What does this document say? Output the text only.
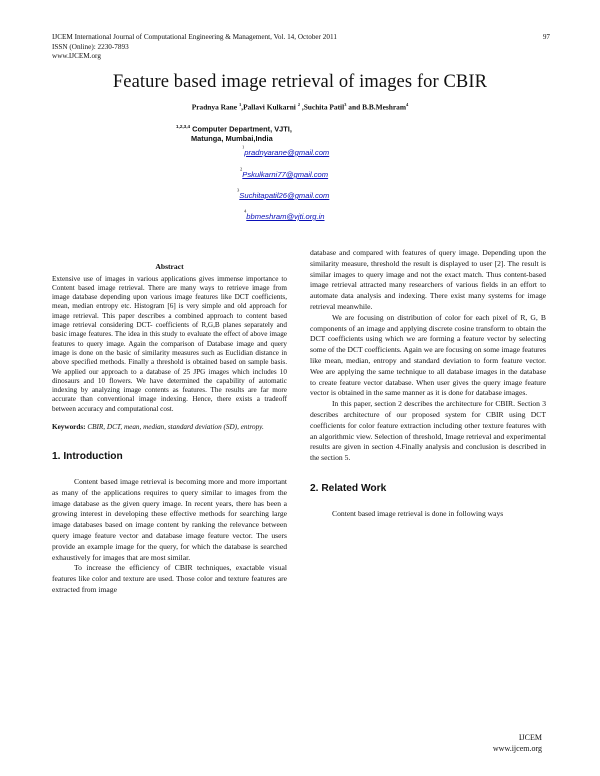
IJCEM International Journal of Computational Engineering & Management, Vol. 14, October 2011
ISSN (Online): 2230-7893
www.IJCEM.org
97
Feature based image retrieval of images for CBIR
Pradnya Rane $^1$,Pallavi Kulkarni $^2$ ,Suchita Patil$^3$ and B.B.Meshram$^4$
$^{1,2,3,4}$ Computer Department, VJTI,
Matunga, Mumbai,India
$^1$pradnyarane@gmail.com
$^2$Pskulkarni77@gmail.com
$^3$Suchitapatil26@gmail.com
$^4$bbmeshram@vjti.org.in

Abstract

Extensive use of images in various applications gives immense importance to Content based image retrieval. There are many ways to retrieve image from image database depending upon various image features like DCT coefficients, mean, median entropy etc. Histogram [6] is very simple and old approach for image retrieval. This paper describes a combined approach to content based image retrieval considering DCT- coefficients of R,G,B planes separately and basic image features. The idea in this study to evaluate the effect of above image features to query image. Again the comparison of Database image and query image is done on the basic of similarity measures such as Euclidian distance in above specified methods. Finally a threshold is obtained based on sample basis. We applied our approach to a database of 25 JPG images which includes 10 dinosaurs and 10 flowers. We have determined the capability of automatic indexing by analyzing image contents as features. The results are far more accurate than conventional image indexing. Hence, there exists a tradeoff between accuracy and computational cost.

Keywords: CBIR, DCT, mean, median, standard deviation (SD), entropy.

1. Introduction

Content based image retrieval is becoming more and more important as many of the applications requires to query similar to images from the image database as the given query image. In recent years, there has been a growing interest in developing these effective methods for searching large image databases based on image content by ranking the relevance between query image feature vector and database image feature vector. The users provide an example image for the query, for which the database is searched exhaustively for images that are most similar.

To increase the efficiency of CBIR techniques, exactable visual features like color and texture are used. Those color and texture features are extracted from image

database and compared with features of query image. Depending upon the similarity measure, threshold the result is displayed to user [2]. The result is similar images to query image and not the exact match. Thus content-based image retrieval attracted many researchers of various fields in an effort to automate data analysis and indexing. There exist many systems for image retrieval meanwhile.

We are focusing on distribution of color for each pixel of R, G, B components of an image and applying discrete cosine transform to obtain the DCT coefficients using which we are forming a feature vector by selecting some of the DCT coefficients. Again we are focusing on some image features like mean, median, entropy and standard deviation to form feature vector. Wee are applying the same technique to all database images in the database to create feature vector database. When user gives the query image feature vector is obtained in the same manner as it is done for database images.

In this paper, section 2 describes the architecture for CBIR. Section 3 describes architecture of our proposed system for CBIR using DCT coefficients for color feature extraction including other texture features with an algorithmic view. Selection of threshold, Image retrieval and experimental results are given in section 4.Finally analysis and conclusion is described in the section 5.

2. Related Work

Content based image retrieval is done in following ways

IJCEM
www.ijcem.org
